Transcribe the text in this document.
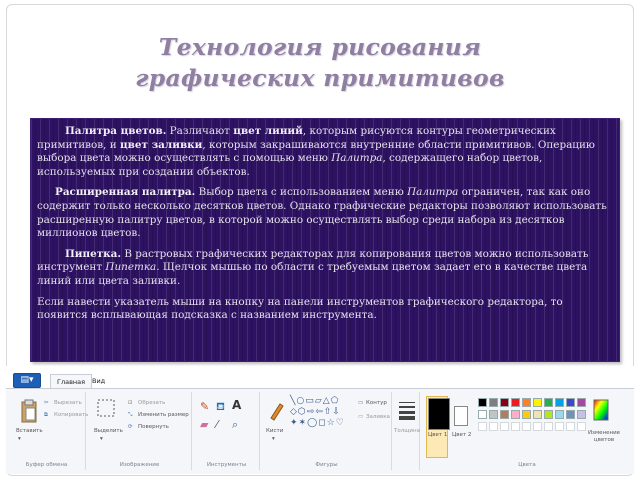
Технология рисования
графических примитивов

Палитра цветов. Различают цвет линий, которым рисуются контуры геометрических примитивов, и цвет заливки, которым закрашиваются внутренние области примитивов. Операцию выбора цвета можно осуществлять с помощью меню Палитра, содержащего набор цветов, используемых при создании объектов.

Расширенная палитра. Выбор цвета с использованием меню Палитра ограничен, так как оно содержит только несколько десятков цветов. Однако графические редакторы позволяют использовать расширенную палитру цветов, в которой можно осуществлять выбор среди набора из десятков миллионов цветов.

Пипетка. В растровых графических редакторах для копирования цветов можно использовать инструмент Пипетка. Щелчок мышью по области с требуемым цветом задает его в качестве цвета линий или цвета заливки.

Если навести указатель мыши на кнопку на панели инструментов графического редактора, то появится всплывающая подсказка с названием инструмента.

▤▾	Главная	Вид
Вставить
▾
✂ Вырезать
⧉ Копировать
Буфер обмена
Выделить
▾
⊡ Обрезать
⤡ Изменить размер
⟳ Повернуть
Изображение
✎ ⛾ A
▰ ⁄ ⌕
Инструменты
Кисти
▾
╲○▭▱△⬠
◇⬡⇨⇦⇧⇩
✦✶◯◻☆♡
▭ Контур
▭ Заливка
Фигуры
Толщина
Цвет 1 Цвет 2	Изменение цветов
Цвета
